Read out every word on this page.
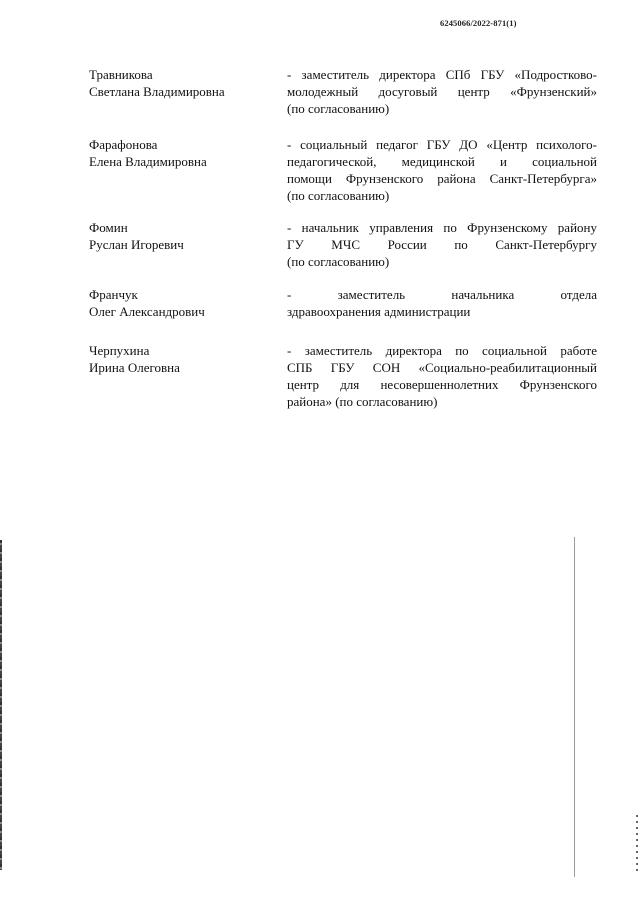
6245066/2022-871(1)
Травникова
Светлана Владимировна
- заместитель директора СПб ГБУ «Подростково-
молодежный досуговый центр «Фрунзенский»
(по согласованию)
Фарафонова
Елена Владимировна
- социальный педагог ГБУ ДО «Центр психолого-
педагогической, медицинской и социальной
помощи Фрунзенского района Санкт-Петербурга»
(по согласованию)
Фомин
Руслан Игоревич
- начальник управления по Фрунзенскому району
ГУ МЧС России по Санкт-Петербургу
(по согласованию)
Франчук
Олег Александрович
- заместитель начальника отдела
здравоохранения администрации
Черпухина
Ирина Олеговна
- заместитель директора по социальной работе
СПБ ГБУ СОН «Социально-реабилитационный
центр для несовершеннолетних Фрунзенского
района» (по согласованию)
